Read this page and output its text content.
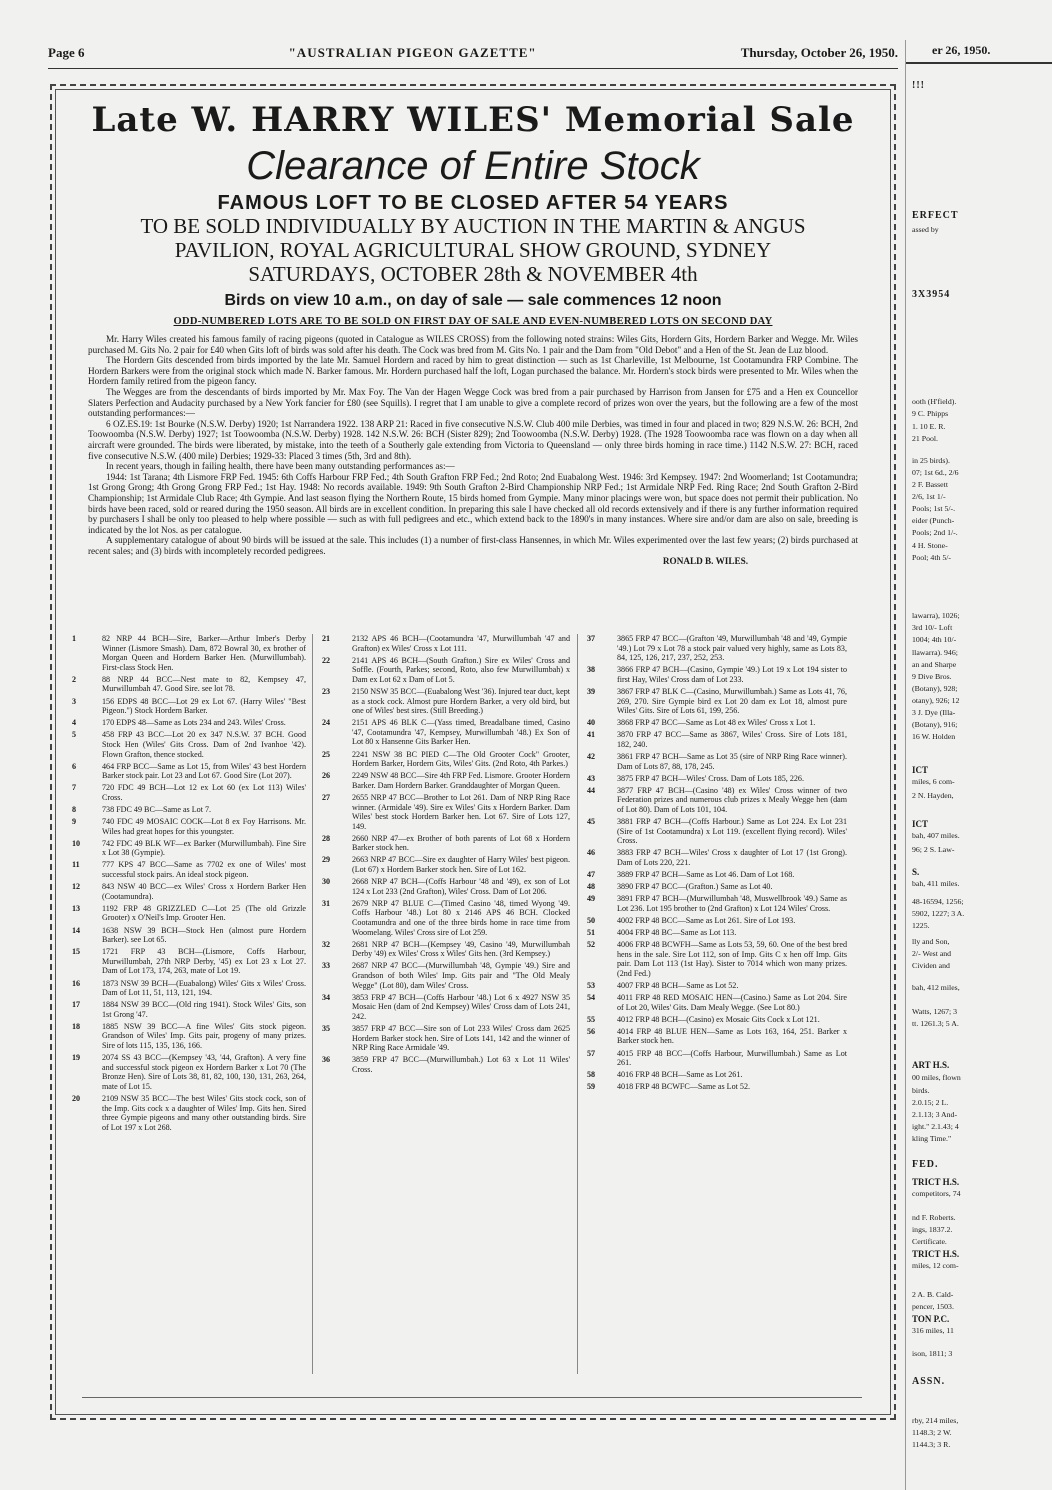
Page 6	"AUSTRALIAN PIGEON GAZETTE"	Thursday, October 26, 1950.	er 26, 1950.
!!!
ERFECT
assed by
3X3954
ooth (H'field).
9 C. Phipps
1. 10 E. R.
21 Pool.
in 25 birds).
07; 1st 6d., 2/6
2 F. Bassett
2/6, 1st 1/-
Pools; 1st 5/-.
eider (Punch-
Pools; 2nd 1/-.
4 H. Stone-
Pool; 4th 5/-
lawarra), 1026;
3rd 10/- Loft
1004; 4th 10/-
llawarra). 946;
an and Sharpe
9 Dive Bros.
(Botany), 928;
otany), 926; 12
3 J. Dye (Illa-
(Botany), 916;
16 W. Holden
ICT
miles, 6 com-
2 N. Hayden,
ICT
bah, 407 miles.
96; 2 S. Law-
S.
bah, 411 miles.
48-16594, 1256;
5902, 1227; 3 A.
1225.
lly and Son,
2/- West and
Cividen and
bah, 412 miles,
Watts, 1267; 3
tt. 1261.3; 5 A.
ART H.S.
00 miles, flown
birds.
2.0.15; 2 L.
2.1.13; 3 And-
ight." 2.1.43; 4
kling Time."
FED.
TRICT H.S.
competitors, 74
nd F. Roberts.
ings, 1837.2.
Certificate.
TRICT H.S.
miles, 12 com-
2 A. B. Cald-
pencer, 1503.
TON P.C.
316 miles, 11
ison, 1811; 3
ASSN.
rby, 214 miles,
1148.3; 2 W.
1144.3; 3 R.
Late W. HARRY WILES' Memorial Sale
Clearance of Entire Stock
FAMOUS LOFT TO BE CLOSED AFTER 54 YEARS
TO BE SOLD INDIVIDUALLY BY AUCTION IN THE MARTIN & ANGUS
PAVILION, ROYAL AGRICULTURAL SHOW GROUND, SYDNEY
SATURDAYS, OCTOBER 28th & NOVEMBER 4th
Birds on view 10 a.m., on day of sale — sale commences 12 noon
ODD-NUMBERED LOTS ARE TO BE SOLD ON FIRST DAY OF SALE AND EVEN-NUMBERED LOTS ON SECOND DAY

Mr. Harry Wiles created his famous family of racing pigeons (quoted in Catalogue as WILES CROSS) from the following noted strains: Wiles Gits, Hordern Gits, Hordern Barker and Wegge. Mr. Wiles purchased M. Gits No. 2 pair for £40 when Gits loft of birds was sold after his death. The Cock was bred from M. Gits No. 1 pair and the Dam from "Old Debot" and a Hen of the St. Jean de Luz blood.

The Hordern Gits descended from birds imported by the late Mr. Samuel Hordern and raced by him to great distinction — such as 1st Charleville, 1st Melbourne, 1st Cootamundra FRP Combine. The Hordern Barkers were from the original stock which made N. Barker famous. Mr. Hordern purchased half the loft, Logan purchased the balance. Mr. Hordern's stock birds were presented to Mr. Wiles when the Hordern family retired from the pigeon fancy.

The Wegges are from the descendants of birds imported by Mr. Max Foy. The Van der Hagen Wegge Cock was bred from a pair purchased by Harrison from Jansen for £75 and a Hen ex Councellor Slaters Perfection and Audacity purchased by a New York fancier for £80 (see Squills). I regret that I am unable to give a complete record of prizes won over the years, but the following are a few of the most outstanding performances:—

6 OZ.ES.19: 1st Bourke (N.S.W. Derby) 1920; 1st Narrandera 1922. 138 ARP 21: Raced in five consecutive N.S.W. Club 400 mile Derbies, was timed in four and placed in two; 829 N.S.W. 26: BCH, 2nd Toowoomba (N.S.W. Derby) 1927; 1st Toowoomba (N.S.W. Derby) 1928. 142 N.S.W. 26: BCH (Sister 829); 2nd Toowoomba (N.S.W. Derby) 1928. (The 1928 Toowoomba race was flown on a day when all aircraft were grounded. The birds were liberated, by mistake, into the teeth of a Southerly gale extending from Victoria to Queensland — only three birds homing in race time.) 1142 N.S.W. 27: BCH, raced five consecutive N.S.W. (400 mile) Derbies; 1929-33: Placed 3 times (5th, 3rd and 8th).

In recent years, though in failing health, there have been many outstanding performances as:—

1944: 1st Tarana; 4th Lismore FRP Fed. 1945: 6th Coffs Harbour FRP Fed.; 4th South Grafton FRP Fed.; 2nd Roto; 2nd Euabalong West. 1946: 3rd Kempsey. 1947: 2nd Woomerland; 1st Cootamundra; 1st Grong Grong; 4th Grong Grong FRP Fed.; 1st Hay. 1948: No records available. 1949: 9th South Grafton 2-Bird Championship NRP Fed.; 1st Armidale NRP Fed. Ring Race; 2nd South Grafton 2-Bird Championship; 1st Armidale Club Race; 4th Gympie. And last season flying the Northern Route, 15 birds homed from Gympie. Many minor placings were won, but space does not permit their publication. No birds have been raced, sold or reared during the 1950 season. All birds are in excellent condition. In preparing this sale I have checked all old records extensively and if there is any further information required by purchasers I shall be only too pleased to help where possible — such as with full pedigrees and etc., which extend back to the 1890's in many instances. Where sire and/or dam are also on sale, breeding is indicated by the lot Nos. as per catalogue.

A supplementary catalogue of about 90 birds will be issued at the sale. This includes (1) a number of first-class Hansennes, in which Mr. Wiles experimented over the last few years; (2) birds purchased at recent sales; and (3) birds with incompletely recorded pedigrees.

RONALD B. WILES.

1	82 NRP 44 BCH—Sire, Barker—Arthur Imber's Derby Winner (Lismore Smash). Dam, 872 Bowral 30, ex brother of Morgan Queen and Hordern Barker Hen. (Murwillumbah). First-class Stock Hen.
2	88 NRP 44 BCC—Nest mate to 82, Kempsey 47, Murwillumbah 47. Good Sire. see lot 78.
3	156 EDPS 48 BCC—Lot 29 ex Lot 67. (Harry Wiles' "Best Pigeon.") Stock Hordern Barker.
4	170 EDPS 48—Same as Lots 234 and 243. Wiles' Cross.
5	458 FRP 43 BCC—Lot 20 ex 347 N.S.W. 37 BCH. Good Stock Hen (Wiles' Gits Cross. Dam of 2nd Ivanhoe '42). Flown Grafton, thence stocked.
6	464 FRP BCC—Same as Lot 15, from Wiles' 43 best Hordern Barker stock pair. Lot 23 and Lot 67. Good Sire (Lot 207).
7	720 FDC 49 BCH—Lot 12 ex Lot 60 (ex Lot 113) Wiles' Cross.
8	738 FDC 49 BC—Same as Lot 7.
9	740 FDC 49 MOSAIC COCK—Lot 8 ex Foy Harrisons. Mr. Wiles had great hopes for this youngster.
10	742 FDC 49 BLK WF—ex Barker (Murwillumbah). Fine Sire x Lot 38 (Gympie).
11	777 KPS 47 BCC—Same as 7702 ex one of Wiles' most successful stock pairs. An ideal stock pigeon.
12	843 NSW 40 BCC—ex Wiles' Cross x Hordern Barker Hen (Cootamundra).
13	1192 FRP 48 GRIZZLED C—Lot 25 (The old Grizzle Grooter) x O'Neil's Imp. Grooter Hen.
14	1638 NSW 39 BCH—Stock Hen (almost pure Hordern Barker). see Lot 65.
15	1721 FRP 43 BCH—(Lismore, Coffs Harbour, Murwillumbah, 27th NRP Derby, '45) ex Lot 23 x Lot 27. Dam of Lot 173, 174, 263, mate of Lot 19.
16	1873 NSW 39 BCH—(Euabalong) Wiles' Gits x Wiles' Cross. Dam of Lot 11, 51, 113, 121, 194.
17	1884 NSW 39 BCC—(Old ring 1941). Stock Wiles' Gits, son 1st Grong '47.
18	1885 NSW 39 BCC—A fine Wiles' Gits stock pigeon. Grandson of Wiles' Imp. Gits pair, progeny of many prizes. Sire of lots 115, 135, 136, 166.
19	2074 SS 43 BCC—(Kempsey '43, '44, Grafton). A very fine and successful stock pigeon ex Hordern Barker x Lot 70 (The Bronze Hen). Sire of Lots 38, 81, 82, 100, 130, 131, 263, 264, mate of Lot 15.
20	2109 NSW 35 BCC—The best Wiles' Gits stock cock, son of the Imp. Gits cock x a daughter of Wiles' Imp. Gits hen. Sired three Gympie pigeons and many other outstanding birds. Sire of Lot 197 x Lot 268.
21	2132 APS 46 BCH—(Cootamundra '47, Murwillumbah '47 and Grafton) ex Wiles' Cross x Lot 111.
22	2141 APS 46 BCH—(South Grafton.) Sire ex Wiles' Cross and Soffle. (Fourth, Parkes; second, Roto, also few Murwillumbah) x Dam ex Lot 62 x Dam of Lot 5.
23	2150 NSW 35 BCC—(Euabalong West '36). Injured tear duct, kept as a stock cock. Almost pure Hordern Barker, a very old bird, but one of Wiles' best sires. (Still Breeding.)
24	2151 APS 46 BLK C—(Yass timed, Breadalbane timed, Casino '47, Cootamundra '47, Kempsey, Murwillumbah '48.) Ex Son of Lot 80 x Hansenne Gits Barker Hen.
25	2241 NSW 38 BC PIED C—The Old Grooter Cock" Grooter, Hordern Barker, Hordern Gits, Wiles' Gits. (2nd Roto, 4th Parkes.)
26	2249 NSW 48 BCC—Sire 4th FRP Fed. Lismore. Grooter Hordern Barker. Dam Hordern Barker. Granddaughter of Morgan Queen.
27	2655 NRP 47 BCC—Brother to Lot 261. Dam of NRP Ring Race winner. (Armidale '49). Sire ex Wiles' Gits x Hordern Barker. Dam Wiles' best stock Hordern Barker hen. Lot 67. Sire of Lots 127, 149.
28	2660 NRP 47—ex Brother of both parents of Lot 68 x Hordern Barker stock hen.
29	2663 NRP 47 BCC—Sire ex daughter of Harry Wiles' best pigeon. (Lot 67) x Hordern Barker stock hen. Sire of Lot 162.
30	2668 NRP 47 BCH—(Coffs Harbour '48 and '49), ex son of Lot 124 x Lot 233 (2nd Grafton), Wiles' Cross. Dam of Lot 206.
31	2679 NRP 47 BLUE C—(Timed Casino '48, timed Wyong '49. Coffs Harbour '48.) Lot 80 x 2146 APS 46 BCH. Clocked Cootamundra and one of the three birds home in race time from Woomelang. Wiles' Cross sire of Lot 259.
32	2681 NRP 47 BCH—(Kempsey '49, Casino '49, Murwillumbah Derby '49) ex Wiles' Cross x Wiles' Gits hen. (3rd Kempsey.)
33	2687 NRP 47 BCC—(Murwillumbah '48, Gympie '49.) Sire and Grandson of both Wiles' Imp. Gits pair and "The Old Mealy Wegge" (Lot 80), dam Wiles' Cross.
34	3853 FRP 47 BCH—(Coffs Harbour '48.) Lot 6 x 4927 NSW 35 Mosaic Hen (dam of 2nd Kempsey) Wiles' Cross dam of Lots 241, 242.
35	3857 FRP 47 BCC—Sire son of Lot 233 Wiles' Cross dam 2625 Hordern Barker stock hen. Sire of Lots 141, 142 and the winner of NRP Ring Race Armidale '49.
36	3859 FRP 47 BCC—(Murwillumbah.) Lot 63 x Lot 11 Wiles' Cross.
37	3865 FRP 47 BCC—(Grafton '49, Murwillumbah '48 and '49, Gympie '49.) Lot 79 x Lot 78 a stock pair valued very highly, same as Lots 83, 84, 125, 126, 217, 237, 252, 253.
38	3866 FRP 47 BCH—(Casino, Gympie '49.) Lot 19 x Lot 194 sister to first Hay, Wiles' Cross dam of Lot 233.
39	3867 FRP 47 BLK C—(Casino, Murwillumbah.) Same as Lots 41, 76, 269, 270. Sire Gympie bird ex Lot 20 dam ex Lot 18, almost pure Wiles' Gits. Sire of Lots 61, 199, 256.
40	3868 FRP 47 BCC—Same as Lot 48 ex Wiles' Cross x Lot 1.
41	3870 FRP 47 BCC—Same as 3867, Wiles' Cross. Sire of Lots 181, 182, 240.
42	3861 FRP 47 BCH—Same as Lot 35 (sire of NRP Ring Race winner). Dam of Lots 87, 88, 178, 245.
43	3875 FRP 47 BCH—Wiles' Cross. Dam of Lots 185, 226.
44	3877 FRP 47 BCH—(Casino '48) ex Wiles' Cross winner of two Federation prizes and numerous club prizes x Mealy Wegge hen (dam of Lot 80). Dam of Lots 101, 104.
45	3881 FRP 47 BCH—(Coffs Harbour.) Same as Lot 224. Ex Lot 231 (Sire of 1st Cootamundra) x Lot 119. (excellent flying record). Wiles' Cross.
46	3883 FRP 47 BCH—Wiles' Cross x daughter of Lot 17 (1st Grong). Dam of Lots 220, 221.
47	3889 FRP 47 BCH—Same as Lot 46. Dam of Lot 168.
48	3890 FRP 47 BCC—(Grafton.) Same as Lot 40.
49	3891 FRP 47 BCH—(Murwillumbah '48, Muswellbrook '49.) Same as Lot 236. Lot 195 brother to (2nd Grafton) x Lot 124 Wiles' Cross.
50	4002 FRP 48 BCC—Same as Lot 261. Sire of Lot 193.
51	4004 FRP 48 BC—Same as Lot 113.
52	4006 FRP 48 BCWFH—Same as Lots 53, 59, 60. One of the best bred hens in the sale. Sire Lot 112, son of Imp. Gits C x hen off Imp. Gits pair. Dam Lot 113 (1st Hay). Sister to 7014 which won many prizes. (2nd Fed.)
53	4007 FRP 48 BCH—Same as Lot 52.
54	4011 FRP 48 RED MOSAIC HEN—(Casino.) Same as Lot 204. Sire of Lot 20, Wiles' Gits. Dam Mealy Wegge. (See Lot 80.)
55	4012 FRP 48 BCH—(Casino) ex Mosaic Gits Cock x Lot 121.
56	4014 FRP 48 BLUE HEN—Same as Lots 163, 164, 251. Barker x Barker stock hen.
57	4015 FRP 48 BCC—(Coffs Harbour, Murwillumbah.) Same as Lot 261.
58	4016 FRP 48 BCH—Same as Lot 261.
59	4018 FRP 48 BCWFC—Same as Lot 52.
